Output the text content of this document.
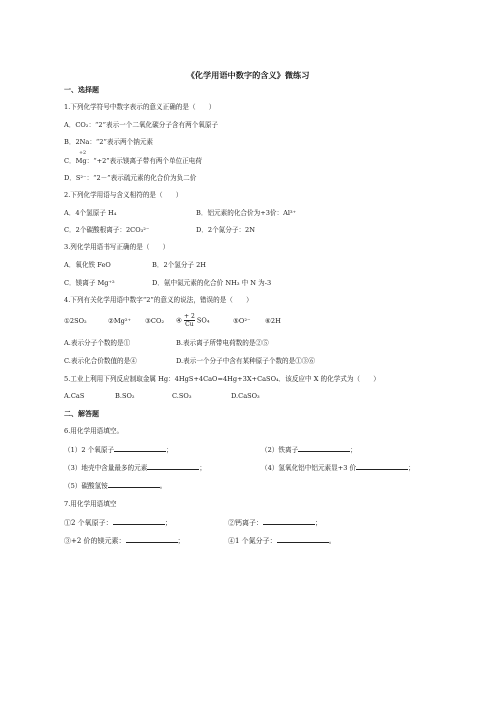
《化学用语中数字的含义》微练习
一、选择题
1.下列化学符号中数字表示的意义正确的是（　　）
A．CO₂：“2”表示一个二氧化碳分子含有两个氧原子
B．2Na：“2”表示两个钠元素
+2
C．Mg：“+2”表示镁离子带有两个单位正电荷
D．S²⁻：“2－”表示硫元素的化合价为负二价
2.下列化学用语与含义相符的是（　　）
A．4个氢原子 H₄	B．铝元素的化合价为+3价：Al³⁺
C．2个碳酸根离子：2CO₃²⁻	D．2个氮分子：2N
3.列化学用语书写正确的是（　　）
A．氧化铁 FeO	B．2个氢分子 2H
C．镁离子 Mg⁺²	D．氨中氮元素的化合价 NH₃ 中 N 为-3
4.下列有关化学用语中数字“2”的意义的说法，错误的是（　　）
①2SO₂	②Mg²⁺ ③CO₂ ④ $\frac{+ 2}{Cu} SO_4$	⑤O²⁻ ⑥2H
A.表示分子个数的是①	B.表示离子所带电荷数的是②⑤
C.表示化合价数值的是④	D.表示一个分子中含有某种原子个数的是①③⑥
5.工业上利用下列反应制取金属 Hg：4HgS+4CaO=4Hg+3X+CaSO₄．该反应中 X 的化学式为（　　）
A.CaS	B.SO₂	C.SO₃	D.CaSO₃
二、解答题
6.用化学用语填空。
（1）2 个氧原子	；	（2）铁离子	；
（3）地壳中含量最多的元素	；	（4）氢氧化铝中铝元素显+3 价	；
（5）碳酸氢铵	。
7.用化学用语填空
①2 个氧原子：	；	②钙离子：	；
③+2 价的镁元素：	；	④1 个氮分子：	。
